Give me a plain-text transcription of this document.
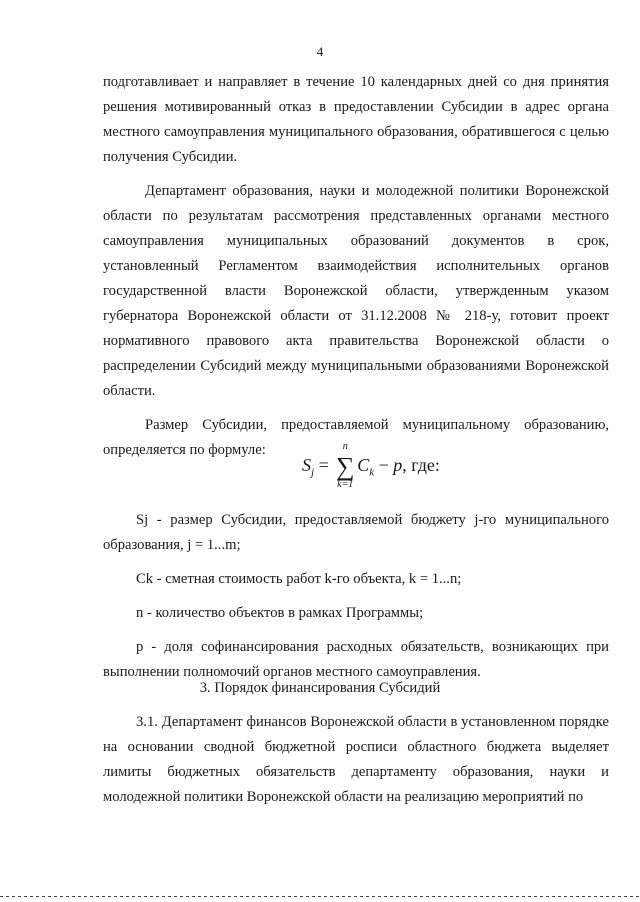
4

подготавливает и направляет в течение 10 календарных дней со дня принятия решения мотивированный отказ в предоставлении Субсидии в адрес органа местного самоуправления муниципального образования, обратившегося с целью получения Субсидии.

Департамент образования, науки и молодежной политики Воронежской области по результатам рассмотрения представленных органами местного самоуправления муниципальных образований документов в срок, установленный Регламентом взаимодействия исполнительных органов государственной власти Воронежской области, утвержденным указом губернатора Воронежской области от 31.12.2008 № 218-у, готовит проект нормативного правового акта правительства Воронежской области о распределении Субсидий между муниципальными образованиями Воронежской области.

Размер Субсидии, предоставляемой муниципальному образованию, определяется по формуле:

$S_j$ =
n
∑
k=1
$C_k - p$, где:

Sj - размер Субсидии, предоставляемой бюджету j-го муниципального образования, j = 1...m;

Ck - сметная стоимость работ k-го объекта, k = 1...n;

n - количество объектов в рамках Программы;

p - доля софинансирования расходных обязательств, возникающих при выполнении полномочий органов местного самоуправления.

3. Порядок финансирования Субсидий

3.1. Департамент финансов Воронежской области в установленном порядке на основании сводной бюджетной росписи областного бюджета выделяет лимиты бюджетных обязательств департаменту образования, науки и молодежной политики Воронежской области на реализацию мероприятий по
